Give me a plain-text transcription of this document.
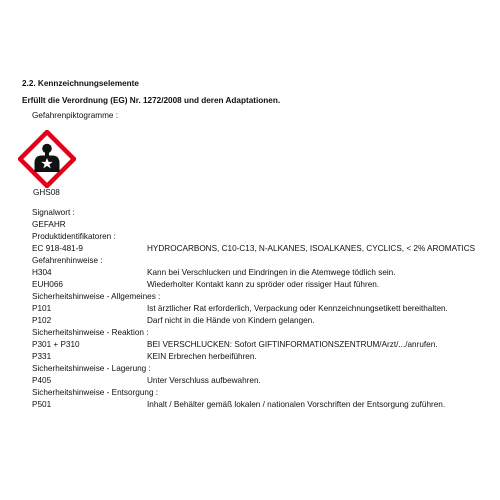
2.2. Kennzeichnungselemente
Erfüllt die Verordnung (EG) Nr. 1272/2008 und deren Adaptationen.
Gefahrenpiktogramme :
GHS08
Signalwort :
GEFAHR
Produktidentifikatoren :
EC 918-481-9	HYDROCARBONS, C10-C13, N-ALKANES, ISOALKANES, CYCLICS, < 2% AROMATICS
Gefahrenhinweise :
H304	Kann bei Verschlucken und Eindringen in die Atemwege tödlich sein.
EUH066	Wiederholter Kontakt kann zu spröder oder rissiger Haut führen.
Sicherheitshinweise - Allgemeines :
P101	Ist ärztlicher Rat erforderlich, Verpackung oder Kennzeichnungsetikett bereithalten.
P102	Darf nicht in die Hände von Kindern gelangen.
Sicherheitshinweise - Reaktion :
P301 + P310	BEI VERSCHLUCKEN: Sofort GIFTINFORMATIONSZENTRUM/Arzt/.../anrufen.
P331	KEIN Erbrechen herbeiführen.
Sicherheitshinweise - Lagerung :
P405	Unter Verschluss aufbewahren.
Sicherheitshinweise - Entsorgung :
P501	Inhalt / Behälter gemäß lokalen / nationalen Vorschriften der Entsorgung zuführen.
